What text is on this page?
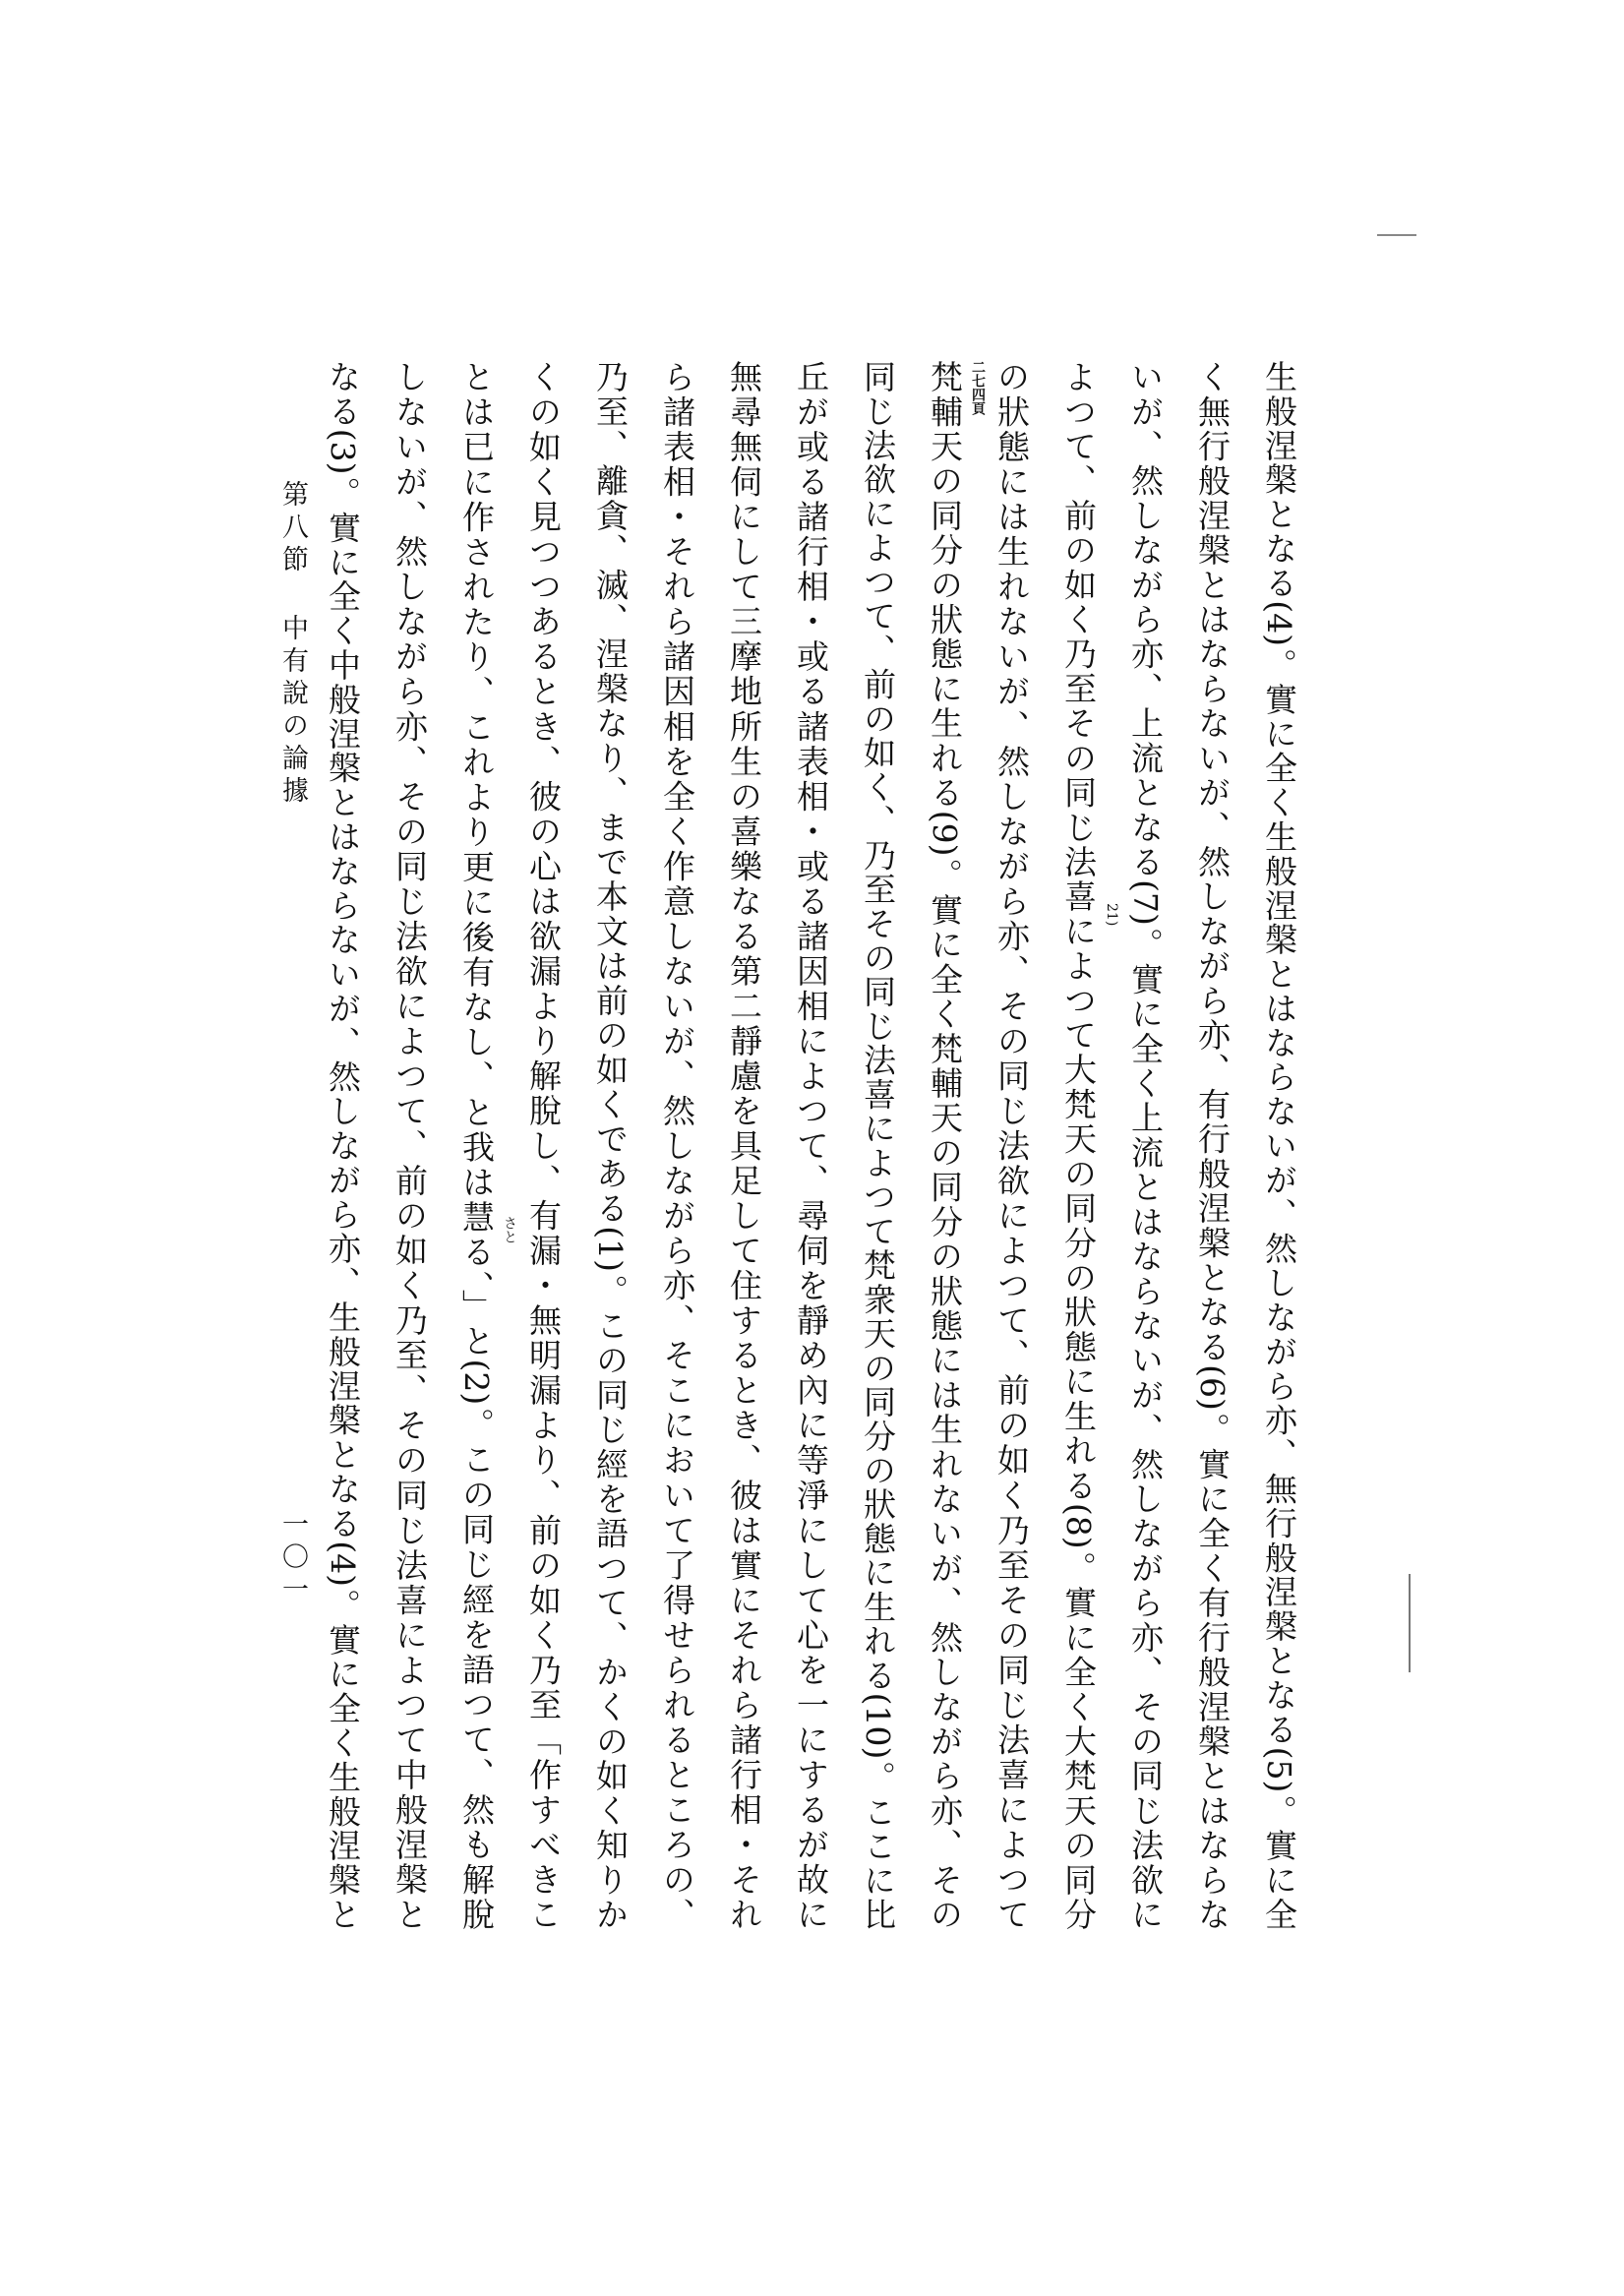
生般涅槃となる(4)。實に全く生般涅槃とはならないが、然しながら亦、無行般涅槃となる(5)。實に全
く無行般涅槃とはならないが、然しながら亦、有行般涅槃となる(6)。實に全く有行般涅槃とはならな
いが、然しながら亦、上流となる(7)。實に全く上流とはならないが、然しながら亦、その同じ法欲に
よつて、前の如く乃至その同じ法喜によつて大梵天の同分の狀態に生れる(8)。實に全く大梵天の同分
の狀態には生れないが、然しながら亦、その同じ法欲によつて、前の如く乃至その同じ法喜によつて
梵輔天の同分の狀態に生れる(9)。實に全く梵輔天の同分の狀態には生れないが、然しながら亦、その
同じ法欲によつて、前の如く、乃至その同じ法喜によつて梵衆天の同分の狀態に生れる(10)。ここに比
丘が或る諸行相・或る諸表相・或る諸因相によつて、尋伺を靜め內に等淨にして心を一にするが故に
無尋無伺にして三摩地所生の喜樂なる第二靜慮を具足して住するとき、彼は實にそれら諸行相・それ
ら諸表相・それら諸因相を全く作意しないが、然しながら亦、そこにおいて了得せられるところの、
乃至、離貪、滅、涅槃なり、まで本文は前の如くである(1)。この同じ經を語つて、かくの如く知りか
くの如く見つつあるとき、彼の心は欲漏より解脫し、有漏・無明漏より、前の如く乃至「作すべきこ
とは已に作されたり、これより更に後有なし、と我は慧る、」と(2)。この同じ經を語つて、然も解脫
しないが、然しながら亦、その同じ法欲によつて、前の如く乃至、その同じ法喜によつて中般涅槃と
なる(3)。實に全く中般涅槃とはならないが、然しながら亦、生般涅槃となる(4)。實に全く生般涅槃と	21)
二七四頁
さと
第八節 中有說の論據
一〇一
